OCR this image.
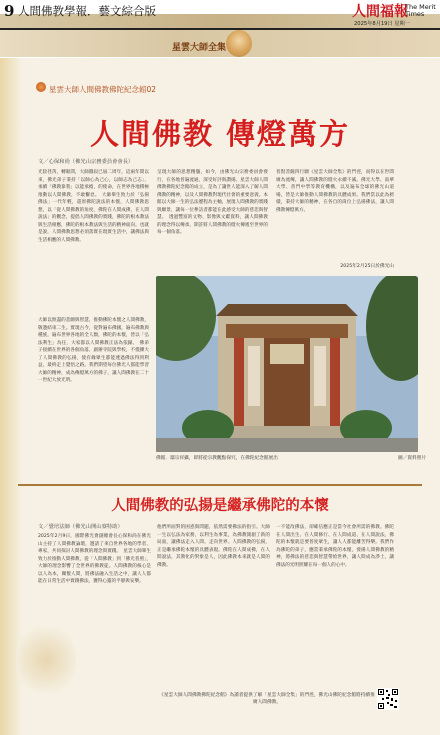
9 人間佛教學報．藝文綜合版	人間福報
The Merit Times
2025年8月19日 星期一
星雲大師全集
星雲大師人間佛教佛陀紀念館02
人間佛教 傳燈萬方
文／心保和尚（佛光山宗務委員會會長）
光陰荏苒，轉眼間，大師圓寂已屆二周年，這兩年間以來，佛光弟子秉持「以師心為己心，以師志為己志」，承續「佛教靠我」以能承擔，的使命，在世界各地積極推動以人間佛教，不敢懈怠。　大師畢生致力於「弘揚佛法」一代年輕，還原佛陀說法的本懷，人間佛教思想，以「從人間佛教的角度，佛陀在人間成佛，在人間說法」的觀念，提倡人間佛教的實踐，佛陀的根本教法與生活相應，佛陀的根本教法與生活的精神面向。也就是說，人間佛教思想必須落實在現實生活中，讓佛法與生活相應的人間佛教。
大師以無盡的悲願與智慧，推動佛陀本懷之人間佛教，敬邀結束二生。實現古今，從對遍布佛國，遍布佛教與種族，遍布世界各地的全人類，佛陀的本懷，皆以「弘法利生」為任，大家都以人間佛教正法為依歸。　佛弟子接續在世界的各個角落，創辦寺院與學校，不僅擴大了人間佛教的弘揚，使有緣眾生都能透過佛法得到利益，最終走上覺悟之路。我們期望每位佛光人都能學習大師的精神，成為傳燈萬方的佛子，讓人間佛教在二十一世紀大放光明。
呈現大師的思想精髓，如今，由佛光山宗務委員會發行，在各地普遍流通，深受好評與讚揚。星雲大師人間佛教佛陀紀念館的成立，是為了讓世人能深入了解人間佛教的精神，以及人間佛教對現代社會的重要意義。本館以大師一生的弘法歷程為主軸，展現人間佛教的實踐與願景，讓每一位參訪者都能在此感受大師的慈悲與智慧。　透過豐富的文物、影像與文獻資料，讓人間佛教的理念得以傳承，期許將人間佛教的燈火傳遞至世界的每一個角落。
普賢菩薩四行願《星雲大師全集》的門徑，而得以在世間廣為流傳，讓人間佛教的燈火永續不滅。佛光大學、南華大學、普門中學等教育機構，以及遍布全球的佛光山道場，皆是大師推動人間佛教的具體成果。我們當以此為榜樣，秉持大師的精神，在各自的崗位上弘揚佛法，讓人間佛教傳燈萬方。
2025年2月25日於佛光山
佛館．鄒宗祥攝，即將從宗教觀點探究，在佛陀紀念館展出	圖／資料照片
人間佛教的弘揚是繼承佛陀的本懷
文／覺培法師（佛光山開山寮特助）
2025年2月9日，國際佛光會副總會長心保和尚在佛光山主持了人間佛教論壇，邀請了來自世界各地的學者、專家，共同探討人間佛教的理念與實踐。　星雲大師畢生致力於推動人間佛教，從「人間佛教」到「佛光普照」，大師的理念影響了全世界的佛教徒。人間佛教的核心是以人為本，關懷人間，將佛法融入生活之中，讓人人都能在日常生活中實踐佛法，獲得心靈的平靜與安樂。
他們所面對的困惑與問題，依然需要佛法的指引。大師一生以弘法為家務，以利生為事業，為佛教開創了新的局面，讓佛法走入人間、走向世界。人間佛教的弘揚，正是繼承佛陀本懷的具體表現。佛陀在人間成佛，在人間說法，其教化的對象是人，因此佛教本來就是人間的佛教。
一不能改佛法，卻確信應正是當今社會所需的佛教。佛陀在人間出生、在人間修行、在人間成道、在人間說法，佛陀的本懷就是要普度眾生，讓人人都能離苦得樂。我們作為佛陀的弟子，應當秉承佛陀的本懷，發揚人間佛教的精神，將佛法的慈悲與智慧帶給世界，讓人間成為淨土，讓佛法的光明照耀在每一個人的心中。
《星雲大師人間佛教佛陀紀念館》為讀者提供了解「星雲大師全集」的門徑，佛光山佛陀紀念館將持續推廣人間佛教。
